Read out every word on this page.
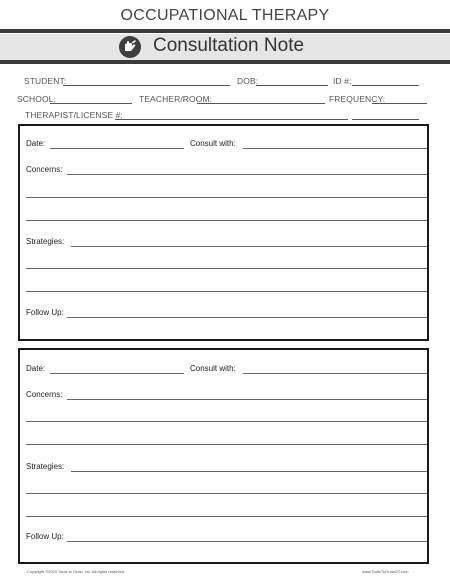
OCCUPATIONAL THERAPY
Consultation Note
STUDENT:	DOB:	ID #:
SCHOOL:	TEACHER/ROOM:	FREQUENCY:
THERAPIST/LICENSE #:
Date:	Consult with:
Concerns:
Strategies:
Follow Up:
Date:	Consult with:
Concerns:
Strategies:
Follow Up:
Copyright ©2020 Tools to Grow, Inc. All rights reserved.	www.ToolsToGrowOT.com
